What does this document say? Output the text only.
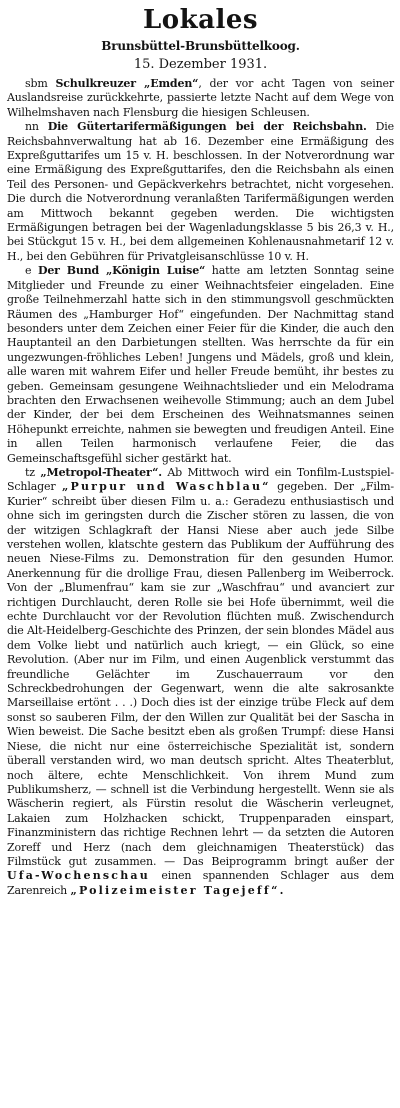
Lokales
Brunsbüttel-Brunsbüttelkoog.
15. Dezember 1931.

sbm Schulkreuzer „Emden“, der vor acht Tagen von seiner Auslandsreise zurückkehrte, passierte letzte Nacht auf dem Wege von Wilhelmshaven nach Flensburg die hiesigen Schleusen.

nn Die Gütertarifermäßigungen bei der Reichsbahn. Die Reichsbahnverwaltung hat ab 16. Dezember eine Ermäßigung des Expreßguttarifes um 15 v. H. beschlossen. In der Notverordnung war eine Ermäßigung des Expreßguttarifes, den die Reichsbahn als einen Teil des Personen- und Gepäckverkehrs betrachtet, nicht vorgesehen. Die durch die Notverordnung veranlaßten Tarifermäßigungen werden am Mittwoch bekannt gegeben werden. Die wichtigsten Ermäßigungen betragen bei der Wagenladungsklasse 5 bis 26,3 v. H., bei Stückgut 15 v. H., bei dem allgemeinen Kohlenausnahmetarif 12 v. H., bei den Gebühren für Privatgleisanschlüsse 10 v. H.

e Der Bund „Königin Luise“ hatte am letzten Sonntag seine Mitglieder und Freunde zu einer Weihnachtsfeier eingeladen. Eine große Teilnehmerzahl hatte sich in den stimmungsvoll geschmückten Räumen des „Hamburger Hof“ eingefunden. Der Nachmittag stand besonders unter dem Zeichen einer Feier für die Kinder, die auch den Hauptanteil an den Darbietungen stellten. Was herrschte da für ein ungezwungen-fröhliches Leben! Jungens und Mädels, groß und klein, alle waren mit wahrem Eifer und heller Freude bemüht, ihr bestes zu geben. Gemeinsam gesungene Weihnachtslieder und ein Melodrama brachten den Erwachsenen weihevolle Stimmung; auch an dem Jubel der Kinder, der bei dem Erscheinen des Weihnatsmannes seinen Höhepunkt erreichte, nahmen sie bewegten und freudigen Anteil. Eine in allen Teilen harmonisch verlaufene Feier, die das Gemeinschaftsgefühl sicher gestärkt hat.

tz „Metropol-Theater“. Ab Mittwoch wird ein Tonfilm-Lustspiel-Schlager „Purpur und Waschblau“ gegeben. Der „Film-Kurier“ schreibt über diesen Film u. a.: Geradezu enthusiastisch und ohne sich im geringsten durch die Zischer stören zu lassen, die von der witzigen Schlagkraft der Hansi Niese aber auch jede Silbe verstehen wollen, klatschte gestern das Publikum der Aufführung des neuen Niese-Films zu. Demonstration für den gesunden Humor. Anerkennung für die drollige Frau, diesen Pallenberg im Weiberrock. Von der „Blumenfrau“ kam sie zur „Waschfrau“ und avanciert zur richtigen Durchlaucht, deren Rolle sie bei Hofe übernimmt, weil die echte Durchlaucht vor der Revolution flüchten muß. Zwischendurch die Alt-Heidelberg-Geschichte des Prinzen, der sein blondes Mädel aus dem Volke liebt und natürlich auch kriegt, — ein Glück, so eine Revolution. (Aber nur im Film, und einen Augenblick verstummt das freundliche Gelächter im Zuschauerraum vor den Schreckbedrohungen der Gegenwart, wenn die alte sakrosankte Marseillaise ertönt . . .) Doch dies ist der einzige trübe Fleck auf dem sonst so sauberen Film, der den Willen zur Qualität bei der Sascha in Wien beweist. Die Sache besitzt eben als großen Trumpf: diese Hansi Niese, die nicht nur eine österreichische Spezialität ist, sondern überall verstanden wird, wo man deutsch spricht. Altes Theaterblut, noch ältere, echte Menschlichkeit. Von ihrem Mund zum Publikumsherz, — schnell ist die Verbindung hergestellt. Wenn sie als Wäscherin regiert, als Fürstin resolut die Wäscherin verleugnet, Lakaien zum Holzhacken schickt, Truppenparaden einspart, Finanzministern das richtige Rechnen lehrt — da setzten die Autoren Zoreff und Herz (nach dem gleichnamigen Theaterstück) das Filmstück gut zusammen. — Das Beiprogramm bringt außer der Ufa-Wochenschau einen spannenden Schlager aus dem Zarenreich „Polizeimeister Tagejeff“.
